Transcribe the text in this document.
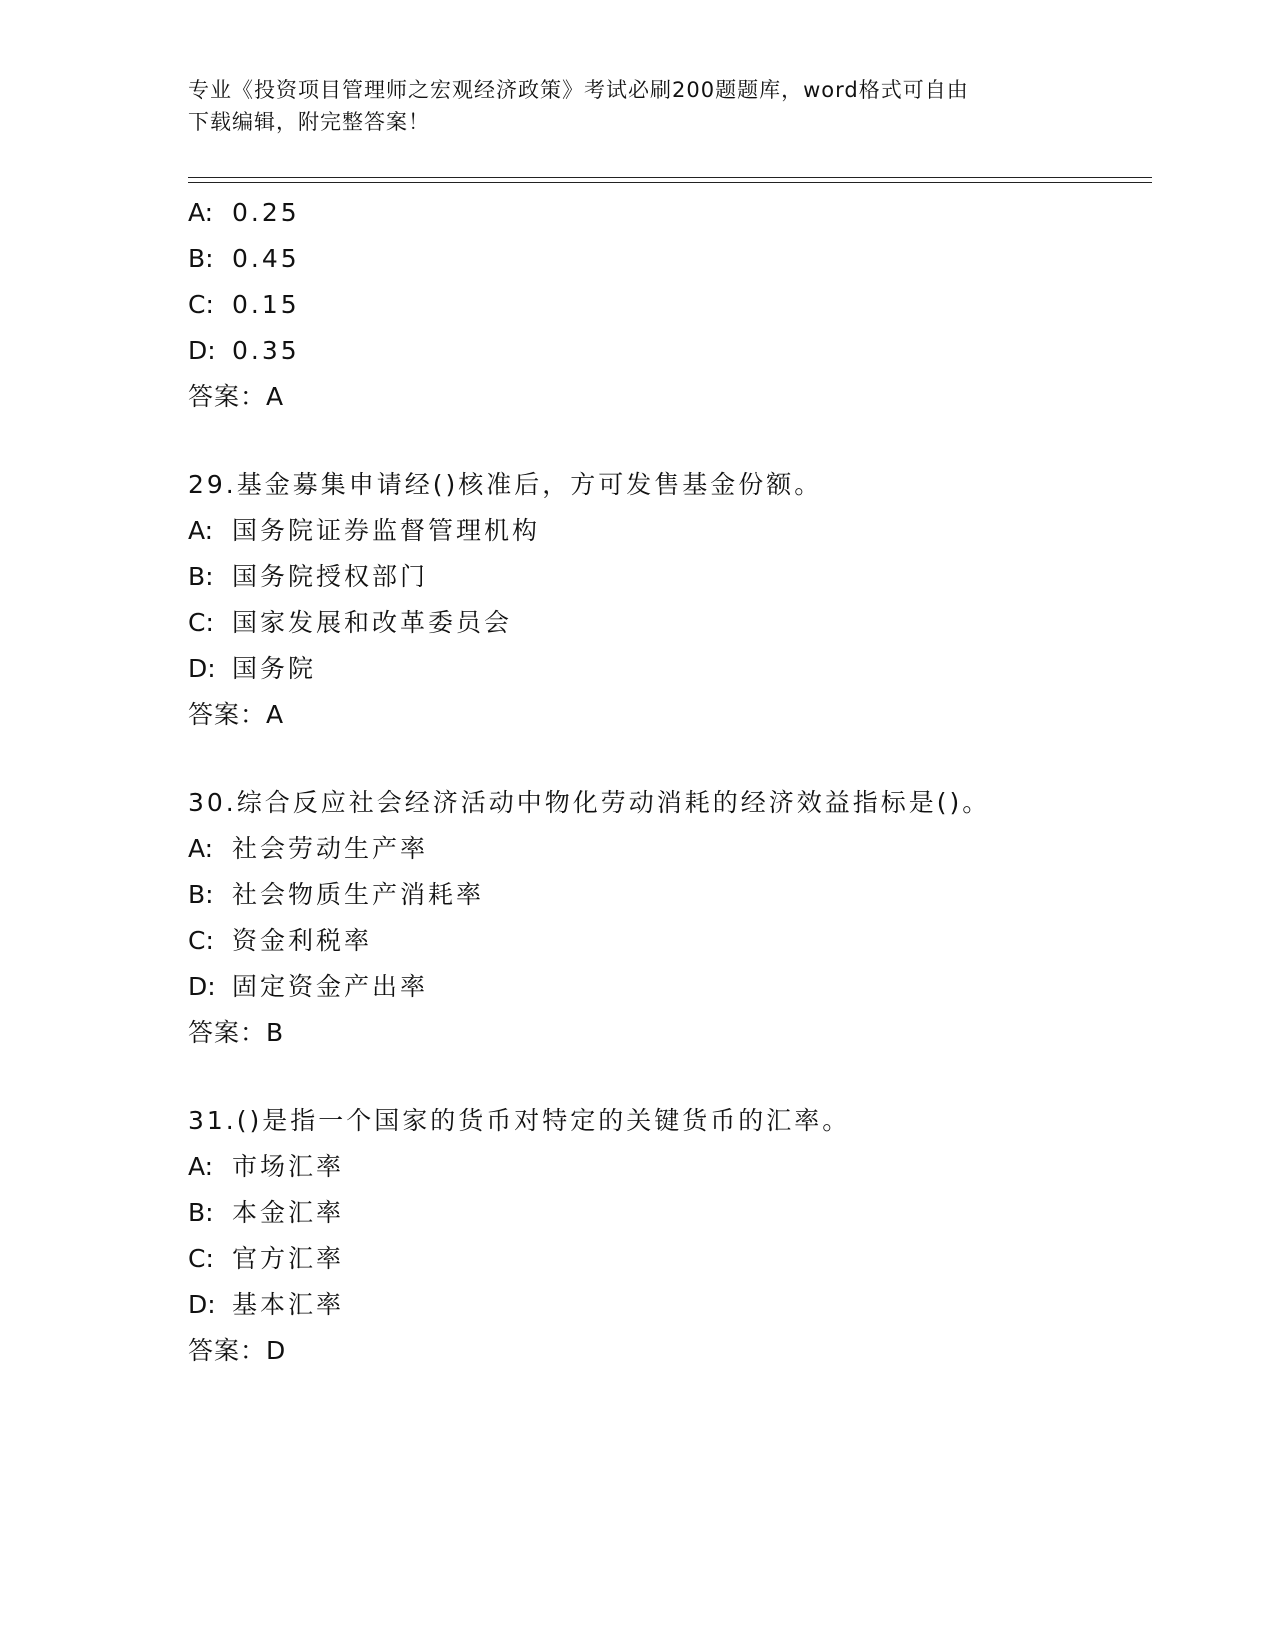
专业《投资项目管理师之宏观经济政策》考试必刷200题题库，word格式可自由
下载编辑，附完整答案！
A: 0.25
B: 0.45
C: 0.15
D: 0.35
答案：A
29.基金募集申请经()核准后，方可发售基金份额。
A: 国务院证券监督管理机构
B: 国务院授权部门
C: 国家发展和改革委员会
D: 国务院
答案：A
30.综合反应社会经济活动中物化劳动消耗的经济效益指标是()。
A: 社会劳动生产率
B: 社会物质生产消耗率
C: 资金利税率
D: 固定资金产出率
答案：B
31.()是指一个国家的货币对特定的关键货币的汇率。
A: 市场汇率
B: 本金汇率
C: 官方汇率
D: 基本汇率
答案：D
